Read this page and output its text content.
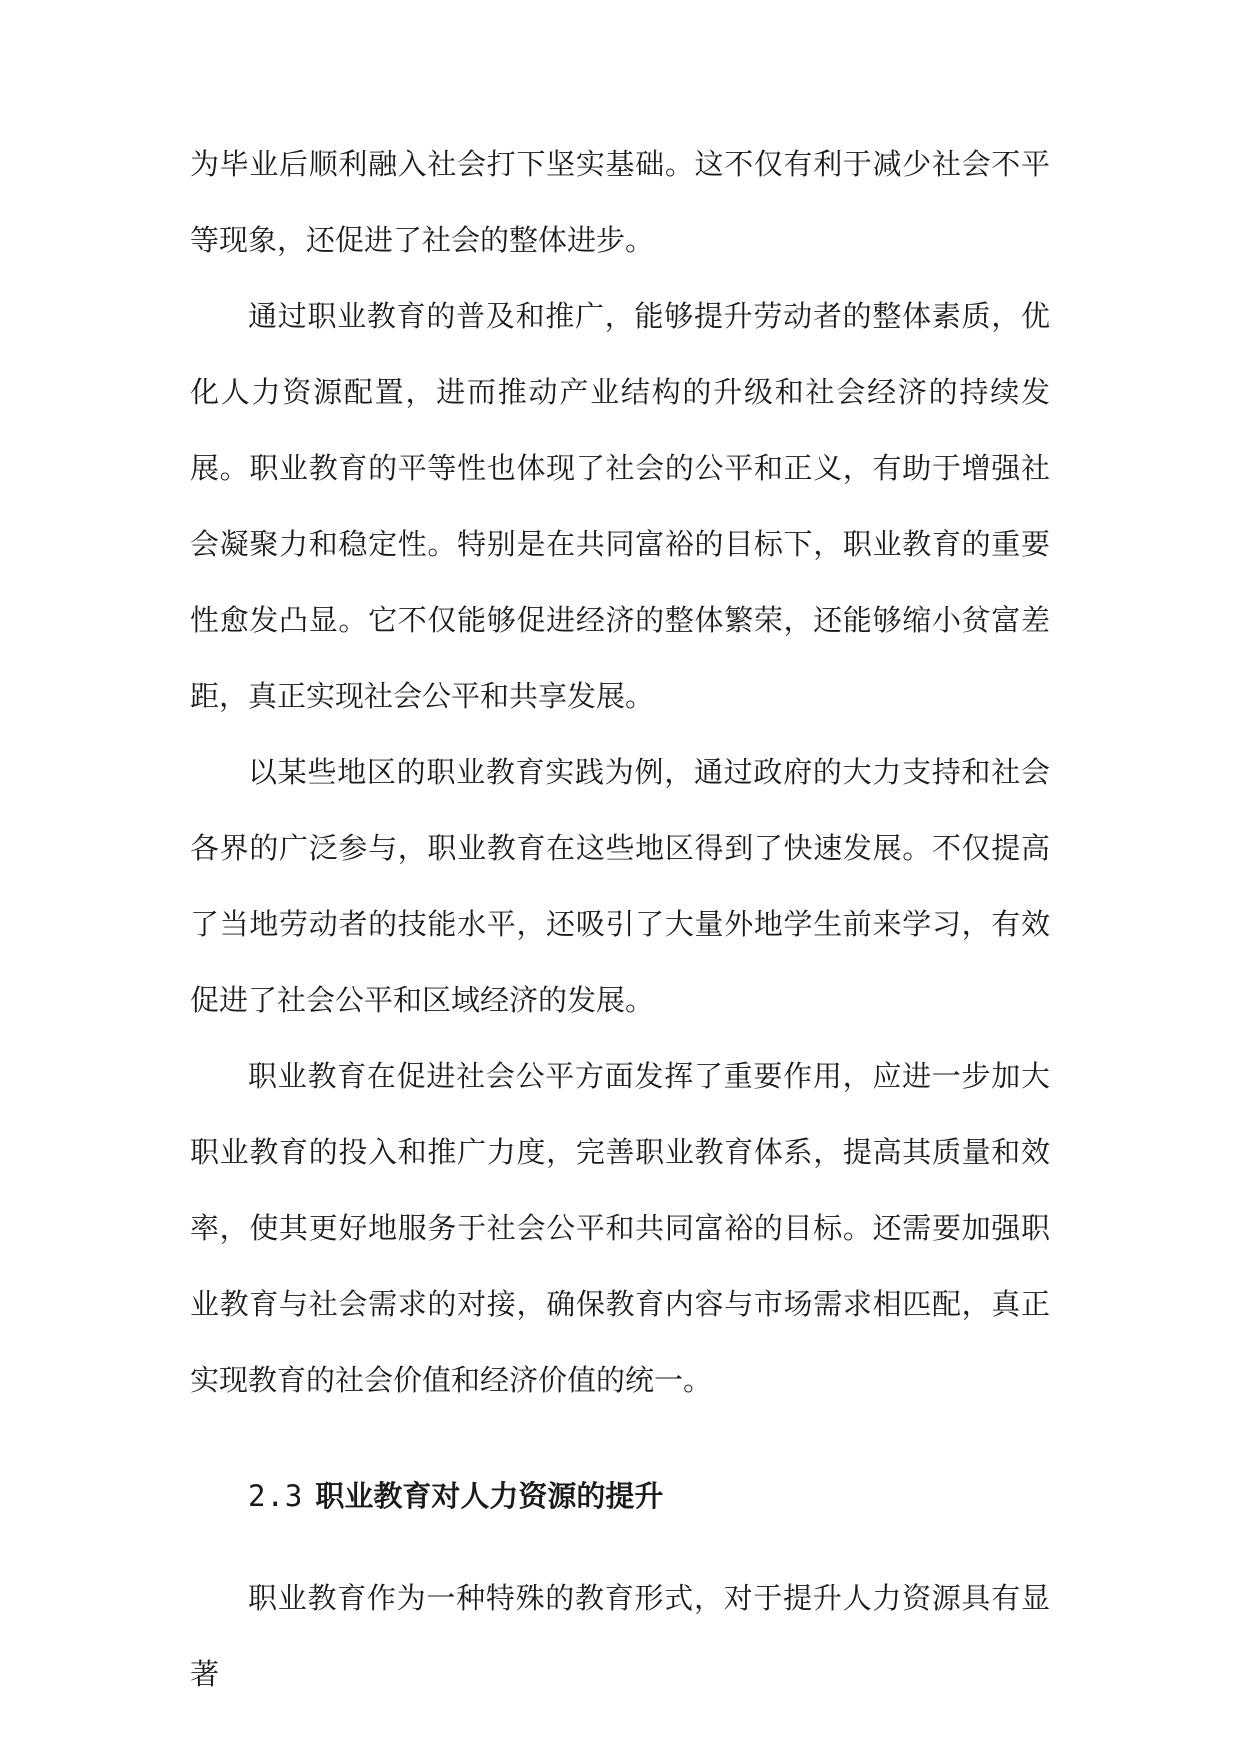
为毕业后顺利融入社会打下坚实基础。这不仅有利于减少社会不平等现象，还促进了社会的整体进步。

通过职业教育的普及和推广，能够提升劳动者的整体素质，优化人力资源配置，进而推动产业结构的升级和社会经济的持续发展。职业教育的平等性也体现了社会的公平和正义，有助于增强社会凝聚力和稳定性。特别是在共同富裕的目标下，职业教育的重要性愈发凸显。它不仅能够促进经济的整体繁荣，还能够缩小贫富差距，真正实现社会公平和共享发展。

以某些地区的职业教育实践为例，通过政府的大力支持和社会各界的广泛参与，职业教育在这些地区得到了快速发展。不仅提高了当地劳动者的技能水平，还吸引了大量外地学生前来学习，有效促进了社会公平和区域经济的发展。

职业教育在促进社会公平方面发挥了重要作用，应进一步加大职业教育的投入和推广力度，完善职业教育体系，提高其质量和效率，使其更好地服务于社会公平和共同富裕的目标。还需要加强职业教育与社会需求的对接，确保教育内容与市场需求相匹配，真正实现教育的社会价值和经济价值的统一。

2.3 职业教育对人力资源的提升

职业教育作为一种特殊的教育形式，对于提升人力资源具有显著
